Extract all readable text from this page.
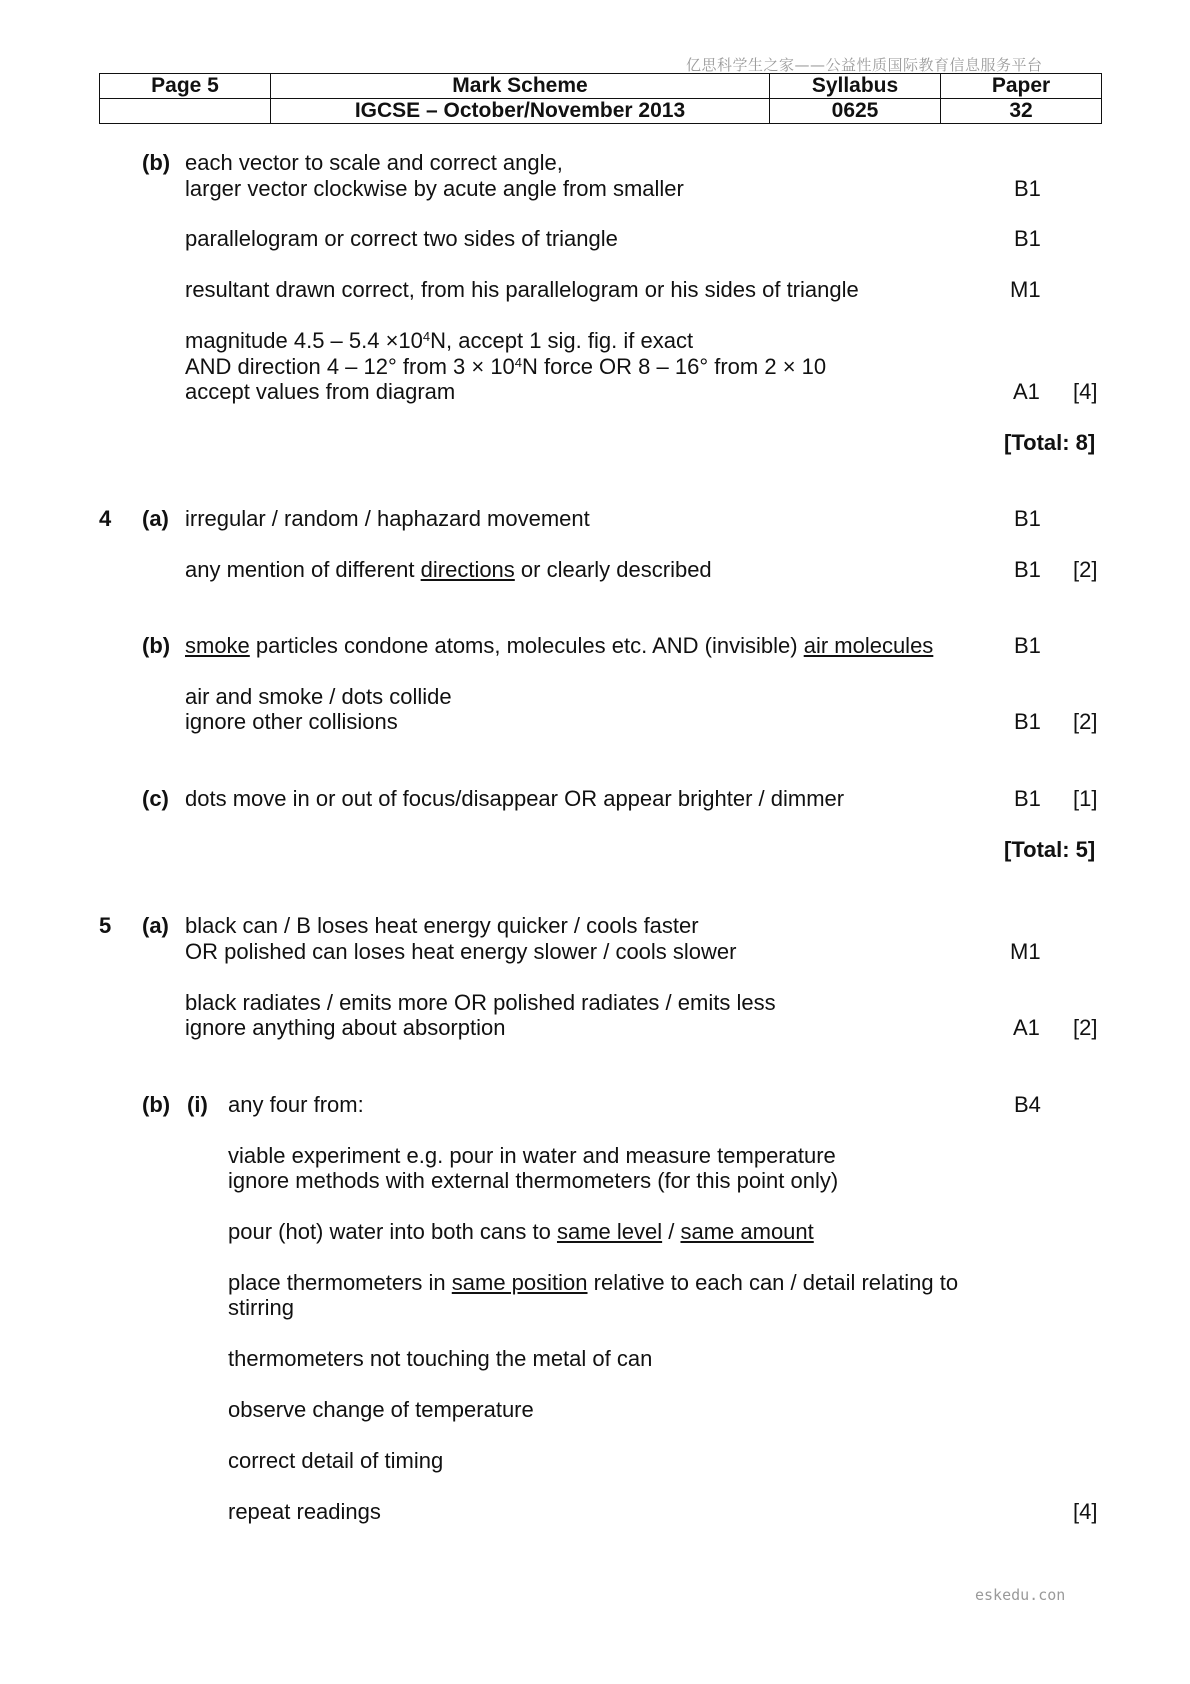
亿思科学生之家——公益性质国际教育信息服务平台
Page 5	Mark Scheme	Syllabus	Paper
	IGCSE – October/November 2013	0625	32
(b) each vector to scale and correct angle,
larger vector clockwise by acute angle from smaller	B1
parallelogram or correct two sides of triangle	B1
resultant drawn correct, from his parallelogram or his sides of triangle	M1
magnitude $4.5 - 5.4 \times 10^4N$, accept 1 sig. fig. if exact
AND direction 4 – 12° from $3 \times 10^4N$ force OR 8 – 16° from 2 × 10
accept values from diagram	A1 [4]
[Total: 8]
4 (a) irregular / random / haphazard movement	B1
any mention of different directions or clearly described	B1 [2]
(b) smoke particles condone atoms, molecules etc. AND (invisible) air molecules	B1
air and smoke / dots collide
ignore other collisions	B1 [2]
(c) dots move in or out of focus/disappear OR appear brighter / dimmer	B1 [1]
[Total: 5]
5 (a) black can / B loses heat energy quicker / cools faster
OR polished can loses heat energy slower / cools slower	M1
black radiates / emits more OR polished radiates / emits less
ignore anything about absorption	A1 [2]
(b) (i) any four from:	B4
viable experiment e.g. pour in water and measure temperature
ignore methods with external thermometers (for this point only)
pour (hot) water into both cans to same level / same amount
place thermometers in same position relative to each can / detail relating to
stirring
thermometers not touching the metal of can
observe change of temperature
correct detail of timing
repeat readings	[4]
eskedu.con
